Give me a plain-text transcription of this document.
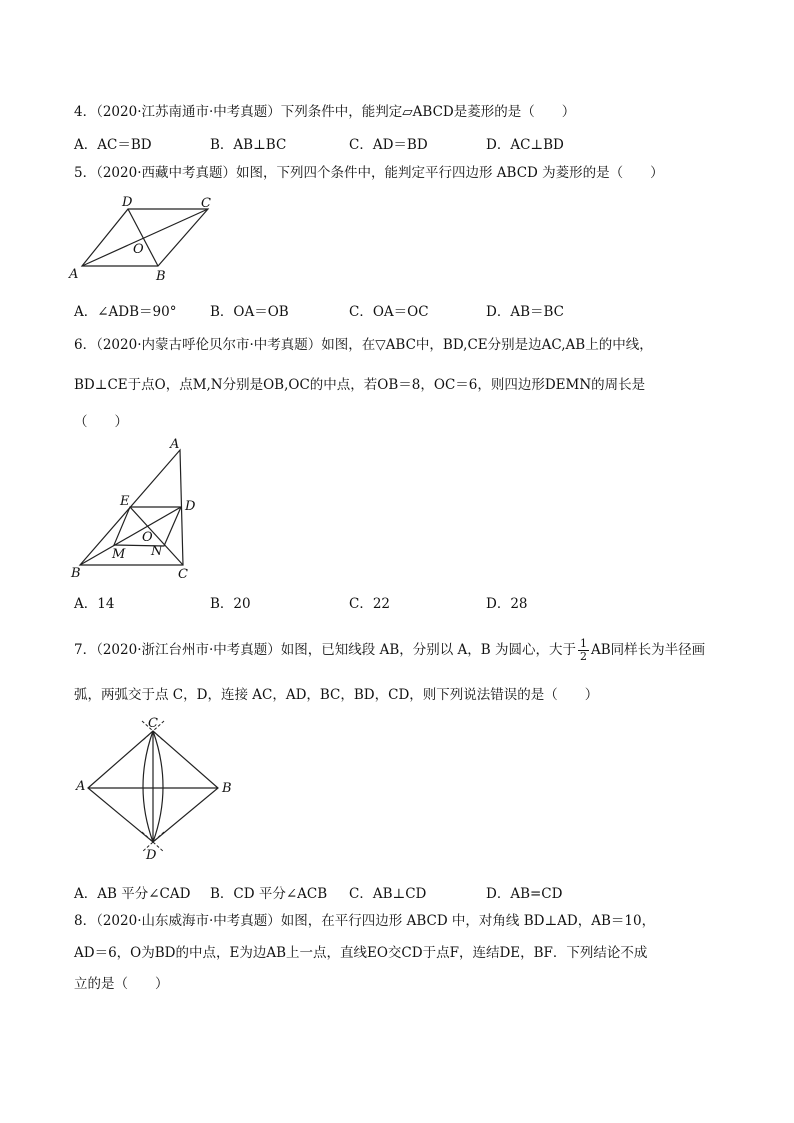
4．（2020·江苏南通市·中考真题）下列条件中，能判定▱ABCD是菱形的是（　　）
A．AC＝BD	B．AB⊥BC	C．AD＝BD	D．AC⊥BD
5．（2020·西藏中考真题）如图，下列四个条件中，能判定平行四边形 ABCD 为菱形的是（　　）
A	B
C
D
O
A．∠ADB＝90° B．OA＝OB	C．OA＝OC	D．AB＝BC
6．（2020·内蒙古呼伦贝尔市·中考真题）如图，在▽ABC中，BD,CE分别是边AC,AB上的中线，
BD⊥CE于点O，点M,N分别是OB,OC的中点，若OB＝8，OC＝6，则四边形DEMN的周长是
（　　）
A
B	C
D
E
M N
O
A．14	B．20	C．22	D．28
7．（2020·浙江台州市·中考真题）如图，已知线段 AB，分别以 A，B 为圆心，大于 $\frac{1}{2}$ AB同样长为半径画
弧，两弧交于点 C，D，连接 AC，AD，BC，BD，CD，则下列说法错误的是（　　）
A	B
C
D
A．AB 平分∠CAD B．CD 平分∠ACB C．AB⊥CD	D．AB=CD
8．（2020·山东威海市·中考真题）如图，在平行四边形 ABCD 中，对角线 BD⊥AD，AB＝10，
AD＝6，O为BD的中点，E为边AB上一点，直线EO交CD于点F，连结DE，BF．下列结论不成
立的是（　　）
